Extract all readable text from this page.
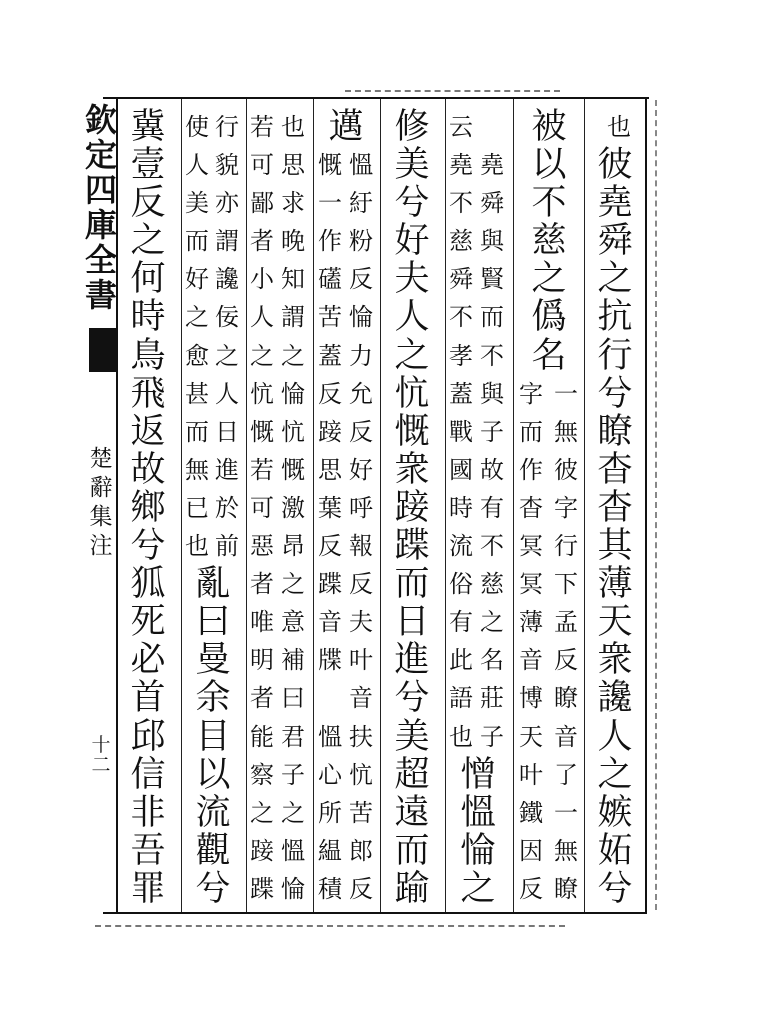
欽
定
四
庫
全
書
楚
辭
集
注
十
二
也
彼
堯
舜
之
抗
行
兮
瞭
杳
杳
其
薄
天
衆
讒
人
之
嫉
妬
兮
被
以
不
慈
之
僞
名
一
無
彼
字
行
下
孟
反
瞭
音
了
一
無
瞭
字
而
作
杳
冥
冥
薄
音
博
天
叶
鐵
因
反
堯
舜
與
賢
而
不
與
子
故
有
不
慈
之
名
莊
子
云
堯
不
慈
舜
不
孝
蓋
戰
國
時
流
俗
有
此
語
也
憎
慍
惀
之
修
美
兮
好
夫
人
之
忼
慨
衆
踥
蹀
而
日
進
兮
美
超
遠
而
踰
邁
慍
紆
粉
反
惀
力
允
反
好
呼
報
反
夫
叶
音
扶
忼
苦
郎
反
慨
一
作
礚
苦
蓋
反
踥
思
葉
反
蹀
音
牒
慍
心
所
緼
積
也
思
求
晚
知
謂
之
惀
忼
慨
激
昂
之
意
補
曰
君
子
之
慍
惀
若
可
鄙
者
小
人
之
忼
慨
若
可
惡
者
唯
明
者
能
察
之
踥
蹀
行
貌
亦
謂
讒
佞
之
人
日
進
於
前
使
人
美
而
好
之
愈
甚
而
無
已
也
亂
曰
曼
余
目
以
流
觀
兮
冀
壹
反
之
何
時
鳥
飛
返
故
鄉
兮
狐
死
必
首
邱
信
非
吾
罪
